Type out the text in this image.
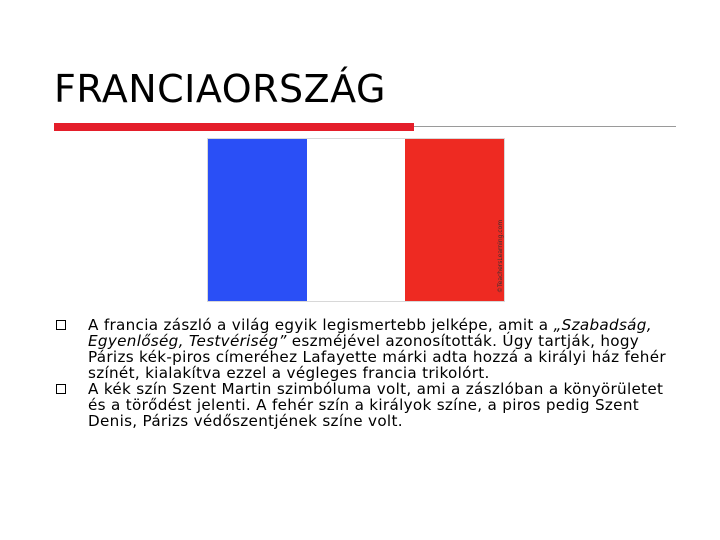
FRANCIAORSZÁG
©TeachersLearning.com
A francia zászló a világ egyik legismertebb jelképe, amit a „Szabadság, Egyenlőség, Testvériség” eszméjével azonosították. Úgy tartják, hogy Párizs kék-piros címeréhez Lafayette márki adta hozzá a királyi ház fehér színét, kialakítva ezzel a végleges francia trikolórt.
A kék szín Szent Martin szimbóluma volt, ami a zászlóban a könyörületet és a törődést jelenti. A fehér szín a királyok színe, a piros pedig Szent Denis, Párizs védőszentjének színe volt.
